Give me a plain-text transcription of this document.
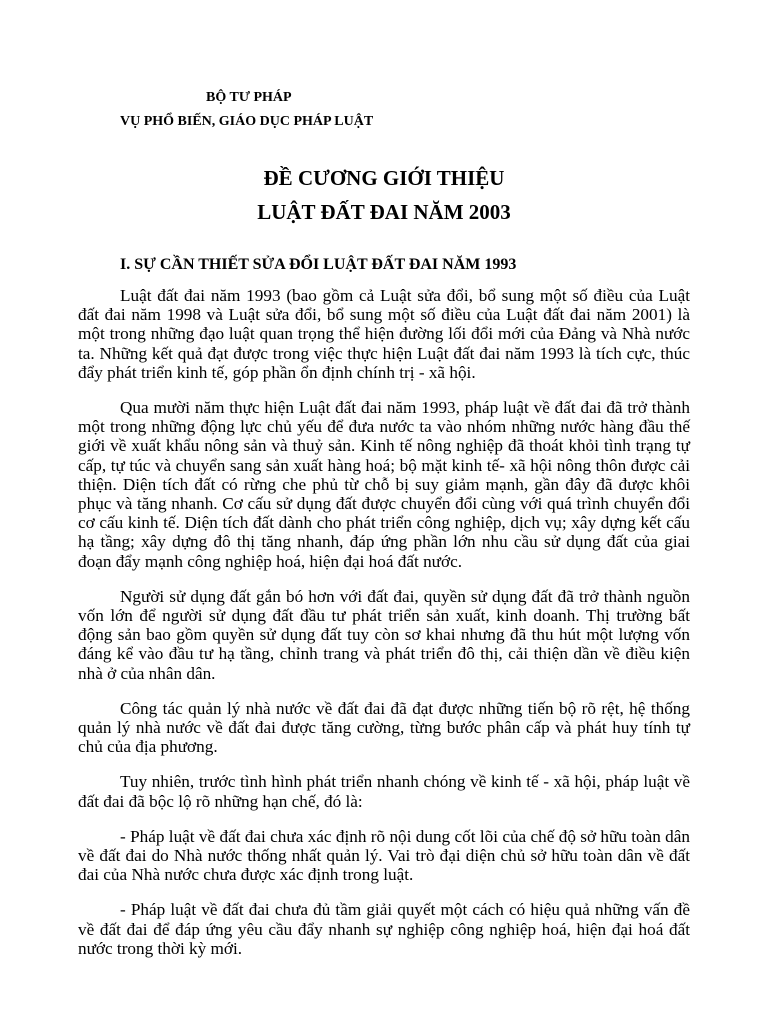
BỘ TƯ PHÁP
VỤ PHỔ BIẾN, GIÁO DỤC PHÁP LUẬT
ĐỀ CƯƠNG GIỚI THIỆU
LUẬT ĐẤT ĐAI NĂM 2003
I. SỰ CẦN THIẾT SỬA ĐỔI LUẬT ĐẤT ĐAI NĂM 1993

Luật đất đai năm 1993 (bao gồm cả Luật sửa đổi, bổ sung một số điều của Luật đất đai năm 1998 và Luật sửa đổi, bổ sung một số điều của Luật đất đai năm 2001) là một trong những đạo luật quan trọng thể hiện đường lối đổi mới của Đảng và Nhà nước ta. Những kết quả đạt được trong việc thực hiện Luật đất đai năm 1993 là tích cực, thúc đẩy phát triển kinh tế, góp phần ổn định chính trị - xã hội.

Qua mười năm thực hiện Luật đất đai năm 1993, pháp luật về đất đai đã trở thành một trong những động lực chủ yếu để đưa nước ta vào nhóm những nước hàng đầu thế giới về xuất khẩu nông sản và thuỷ sản. Kinh tế nông nghiệp đã thoát khỏi tình trạng tự cấp, tự túc và chuyển sang sản xuất hàng hoá; bộ mặt kinh tế- xã hội nông thôn được cải thiện. Diện tích đất có rừng che phủ từ chỗ bị suy giảm mạnh, gần đây đã được khôi phục và tăng nhanh. Cơ cấu sử dụng đất được chuyển đổi cùng với quá trình chuyển đổi cơ cấu kinh tế. Diện tích đất dành cho phát triển công nghiệp, dịch vụ; xây dựng kết cấu hạ tầng; xây dựng đô thị tăng nhanh, đáp ứng phần lớn nhu cầu sử dụng đất của giai đoạn đẩy mạnh công nghiệp hoá, hiện đại hoá đất nước.

Người sử dụng đất gắn bó hơn với đất đai, quyền sử dụng đất đã trở thành nguồn vốn lớn để người sử dụng đất đầu tư phát triển sản xuất, kinh doanh. Thị trường bất động sản bao gồm quyền sử dụng đất tuy còn sơ khai nhưng đã thu hút một lượng vốn đáng kể vào đầu tư hạ tầng, chỉnh trang và phát triển đô thị, cải thiện dần về điều kiện nhà ở của nhân dân.

Công tác quản lý nhà nước về đất đai đã đạt được những tiến bộ rõ rệt, hệ thống quản lý nhà nước về đất đai được tăng cường, từng bước phân cấp và phát huy tính tự chủ của địa phương.

Tuy nhiên, trước tình hình phát triển nhanh chóng về kinh tế - xã hội, pháp luật về đất đai đã bộc lộ rõ những hạn chế, đó là:

- Pháp luật về đất đai chưa xác định rõ nội dung cốt lõi của chế độ sở hữu toàn dân về đất đai do Nhà nước thống nhất quản lý. Vai trò đại diện chủ sở hữu toàn dân về đất đai của Nhà nước chưa được xác định trong luật.

- Pháp luật về đất đai chưa đủ tầm giải quyết một cách có hiệu quả những vấn đề về đất đai để đáp ứng yêu cầu đẩy nhanh sự nghiệp công nghiệp hoá, hiện đại hoá đất nước trong thời kỳ mới.
